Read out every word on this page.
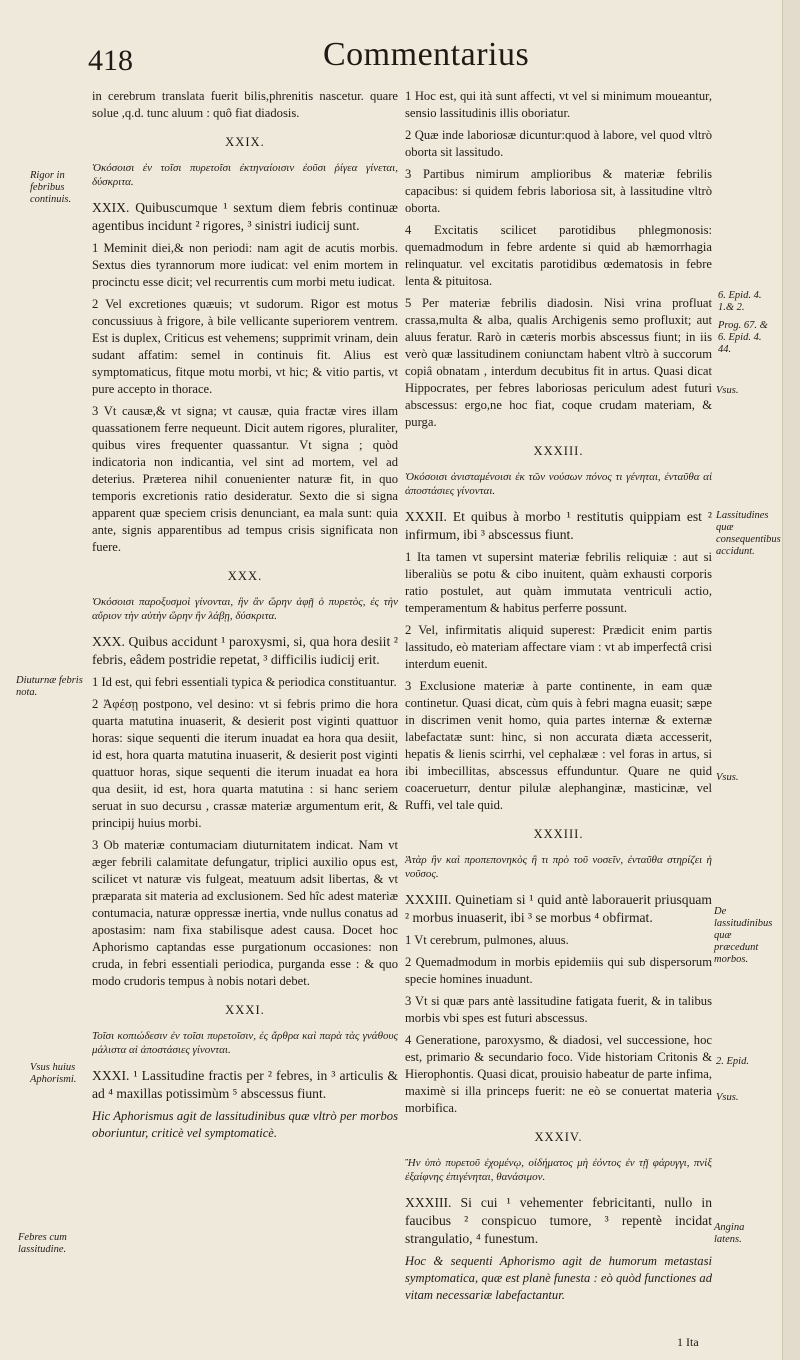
418	Commentarius

in cerebrum translata fuerit bilis,phrenitis nascetur. quare solue ,q.d. tunc aluum : quô fiat diadosis.

XXIX.

Ὁκόσοισι ἐν τοῖσι πυρετοῖσι ἐκτηναίοισιν ἐοῦσι ῥίγεα γίνεται, δύσκριτα.

XXIX. Quibuscumque ¹ sextum diem febris continuæ agentibus incidunt ² rigores, ³ sinistri iudicij sunt.

1 Meminit diei,& non periodi: nam agit de acutis morbis. Sextus dies tyrannorum more iudicat: vel enim mortem in procinctu esse dicit; vel recurrentis cum morbi metu iudicat.

2 Vel excretiones quæuis; vt sudorum. Rigor est motus concussiuus à frigore, à bile vellicante superiorem ventrem. Est is duplex, Criticus est vehemens; supprimit vrinam, dein sudant affatim: semel in continuis fit. Alius est symptomaticus, fitque motu morbi, vt hic; & vitio partis, vt pure accepto in thorace.

3 Vt causæ,& vt signa; vt causæ, quia fractæ vires illam quassationem ferre nequeunt. Dicit autem rigores, pluraliter, quibus vires frequenter quassantur. Vt signa ; quòd indicatoria non indicantia, vel sint ad mortem, vel ad deterius. Præterea nihil conuenienter naturæ fit, in quo temporis excretionis ratio desideratur. Sexto die si signa apparent quæ speciem crisis denunciant, ea mala sunt: quia ante, signis apparentibus ad tempus crisis significata non fuere.

XXX.

Ὁκόσοισι παροξυσμοὶ γίνονται, ἣν ἂν ὥρην ἀφῇ ὁ πυρετὸς, ἐς τὴν αὔριον τὴν αὐτὴν ὥρην ἢν λάβῃ, δύσκριτα.

XXX. Quibus accidunt ¹ paroxysmi, si, qua hora desiit ² febris, eâdem postridie repetat, ³ difficilis iudicij erit.

1 Id est, qui febri essentiali typica & periodica constituantur.

2 Ἀφέσῃ postpono, vel desino: vt si febris primo die hora quarta matutina inuaserit, & desierit post viginti quattuor horas: sique sequenti die iterum inuadat ea hora qua desiit, id est, hora quarta matutina inuaserit, & desierit post viginti quattuor horas, sique sequenti die iterum inuadat ea hora qua desiit, id est, hora quarta matutina : si hanc seriem seruat in suo decursu , crassæ materiæ argumentum erit, & principij huius morbi.

3 Ob materiæ contumaciam diuturnitatem indicat. Nam vt æger febrili calamitate defungatur, triplici auxilio opus est, scilicet vt naturæ vis fulgeat, meatuum adsit libertas, & vt præparata sit materia ad exclusionem. Sed hîc adest materiæ contumacia, naturæ oppressæ inertia, vnde nullus conatus ad apostasim: nam fixa stabilisque adest causa. Docet hoc Aphorismo captandas esse purgationum occasiones: non cruda, in febri essentiali periodica, purganda esse : & quo modo crudoris tempus à nobis notari debet.

XXXI.

Τοῖσι κοπιώδεσιν ἐν τοῖσι πυρετοῖσιν, ἐς ἄρθρα καὶ παρὰ τὰς γνάθους μάλιστα αἱ ἀποστάσιες γίνονται.

XXXI. ¹ Lassitudine fractis per ² febres, in ³ articulis & ad ⁴ maxillas potissimùm ⁵ abscessus fiunt.

Hic Aphorismus agit de lassitudinibus quæ vltrò per morbos oboriuntur, criticè vel symptomaticè.

1 Hoc est, qui ità sunt affecti, vt vel si minimum moueantur, sensio lassitudinis illis oboriatur.

2 Quæ inde laboriosæ dicuntur:quod à labore, vel quod vltrò oborta sit lassitudo.

3 Partibus nimirum amplioribus & materiæ febrilis capacibus: si quidem febris laboriosa sit, à lassitudine vltrò oborta.

4 Excitatis scilicet parotidibus phlegmonosis: quemadmodum in febre ardente si quid ab hæmorrhagia relinquatur. vel excitatis parotidibus œdematosis in febre lenta & pituitosa.

5 Per materiæ febrilis diadosin. Nisi vrina profluat crassa,multa & alba, qualis Archigenis semo profluxit; aut aluus feratur. Rarò in cæteris morbis abscessus fiunt; in iis verò quæ lassitudinem coniunctam habent vltrò à succorum copiâ obnatam , interdum decubitus fit in artus. Quasi dicat Hippocrates, per febres laboriosas periculum adest futuri abscessus: ergo,ne hoc fiat, coque crudam materiam, & purga.

XXXIII.

Ὁκόσοισι ἀνισταμένοισι ἐκ τῶν νούσων πόνος τι γένηται, ἐνταῦθα αἱ ἀποστάσιες γίνονται.

XXXII. Et quibus à morbo ¹ restitutis quippiam est ² infirmum, ibi ³ abscessus fiunt.

1 Ita tamen vt supersint materiæ febrilis reliquiæ : aut si liberaliùs se potu & cibo inuitent, quàm exhausti corporis ratio postulet, aut quàm immutata ventriculi actio, temperamentum & habitus perferre possunt.

2 Vel, infirmitatis aliquid superest: Prædicit enim partis lassitudo, eò materiam affectare viam : vt ab imperfectâ crisi interdum euenit.

3 Exclusione materiæ à parte continente, in eam quæ continetur. Quasi dicat, cùm quis à febri magna euasit; sæpe in discrimen venit homo, quia partes internæ & externæ labefactatæ sunt: hinc, si non accurata diæta accesserit, hepatis & lienis scirrhi, vel cephalææ : vel foras in artus, si ibi imbecillitas, abscessus effunduntur. Quare ne quid coacerueturr, dentur pilulæ alephanginæ, masticinæ, vel Ruffi, vel tale quid.

XXXIII.

Ἀτὰρ ἢν καὶ προπεπονηκὸς ἢ τι πρὸ τοῦ νοσεῖν, ἐνταῦθα στηρίζει ἡ νοῦσος.

XXXIII. Quinetiam si ¹ quid antè laborauerit priusquam ² morbus inuaserit, ibi ³ se morbus ⁴ obfirmat.

1 Vt cerebrum, pulmones, aluus.

2 Quemadmodum in morbis epidemiis qui sub dispersorum specie homines inuadunt.

3 Vt si quæ pars antè lassitudine fatigata fuerit, & in talibus morbis vbi spes est futuri abscessus.

4 Generatione, paroxysmo, & diadosi, vel successione, hoc est, primario & secundario foco. Vide historiam Critonis & Hierophontis. Quasi dicat, prouisio habeatur de parte infima, maximè si illa princeps fuerit: ne eò se conuertat materia morbifica.

XXXIV.

Ἢν ὑπὸ πυρετοῦ ἐχομένῳ, οἰδήματος μὴ ἐόντος ἐν τῇ φάρυγγι, πνὶξ ἐξαίφνης ἐπιγένηται, θανάσιμον.

XXXIII. Si cui ¹ vehementer febricitanti, nullo in faucibus ² conspicuo tumore, ³ repentè incidat strangulatio, ⁴ funestum.

Hoc & sequenti Aphorismo agit de humorum metastasi symptomatica, quæ est planè funesta : eò quòd functiones ad vitam necessariæ labefactantur.

Rigor in febribus continuis.
Diuturnæ febris nota.
Vsus huius Aphorismi.
Febres cum lassitudine.
6. Epid. 4. 1.& 2.
Prog. 67. & 6. Epid. 4. 44.
Vsus.
Lassitudines quæ consequentibus accidunt.
Vsus.
De lassitudinibus quæ præcedunt morbos.
2. Epid.
Vsus.
Angina latens.
1 Ita
